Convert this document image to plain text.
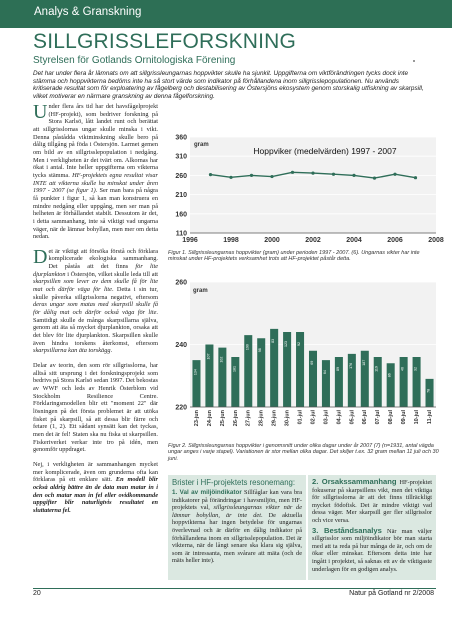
Analys & Granskning
SILLGRISSLEFORSKNING
Styrelsen för Gotlands Ornitologiska Förening
Det har under flera år lämnats om att sillgrissleungarnas hoppvikter skulle ha sjunkit. Uppgifterna om viktförändringen tycks dock inte stämma och hoppvikterna bedöms inte ha så stort värde som indikator på förhållandena inom sillgrisslepopulationen. Nu används kritiserade resultat som för exploatering av fågelberg och destabilisering av Östersjöns ekosystem genom storskalig utfiskning av skarpsill, vilket motiverar en närmare granskning av denna fågelforskning.

Under flera års tid har det havsfågelprojekt (HF-projekt), som bedriver forskning på Stora Karlsö, lått landet runt och berättat att sillgrisslornas ungar skulle minska i vikt. Denna påstådda viktminskning skulle bero på dålig tillgång på föda i Östersjön. Larmet gemen om bild av en sillgrisslepopulation i nedgång. Men i verkligheten är det tvärt om. Alkornas har ökat i antal. Inte heller uppgifterna om vikterna tycks stämma. HF-projektets egna resultat visar INTE att vikterna skulle ha minskat under åren 1997 - 2007 (se figur 1). Ser man bara på några få punkter i figur 1, så kan man konstruera en mindre nedgång eller uppgång, men ser man på helheten är förhållandet stabilt. Dessutom är det, i detta sammanhang, inte så viktigt vad ungarna väger, när de lämnar bohyllan, men mer om detta nedan.

Det är viktigt att försöka förstå och förklara komplicerade ekologiska sammanhang. Det påstås att det finns för lite djurplankton i Östersjön, vilket skulle leda till att skarpsillen som lever av dem skulle få för lite mat och därför väga för lite. Detta i sin tur, skulle påverka sillgrisslorna negativt, eftersom deras ungar som matas med skarpsill skulle få för dålig mat och därför också väga för lite. Samtidigt skulle de många skarpsillarna själva, genom att äta så mycket djurplankton, orsaka att det blev för lite djurplankton. Skarpsillen skulle även hindra torskens återkomst, eftersom skarpsillarna kan äta torskägg.

Delar av teorin, den som rör sillgrisslorna, har alltså sitt ursprung i det forskningsprojekt som bedrivs på Stora Karlsö sedan 1997. Det bekostas av WWF och leds av Henrik Österblom vid Stockholm Resilience Centre. Förklaringsmodellen blir ett "moment 22" där lösningen på det första problemet är att utöka fisket på skarpsill, så att dessa blir färre och fetare (1, 2). Ett sådant synsätt kan det tyckas, men det är fel! Staten ska nu fiska ut skarpsillen. Fiskeriverket verkar inte tro på idén, men genomför uppdraget.

Nej, i verkligheten är sammanhangen mycket mer komplicerade, även om grunderna ofta kan förklaras på ett enklare sätt. En modell blir också aldrig bättre än de data man matar in i den och matar man in fel eller ovidkommande uppgifter blir naturligtvis resultatet en sluttaterna fel.

110
160
210
260
310
360
gram
Hoppviker (medelvärden) 1997 - 2007
1996	1998	2000	2002	2004	2006	2008
Figur 1. Sillgrissleungarnas hoppvikter (gram) under perioden 1997 - 2007. (6). Ungarnas vikter har inte minskat under HF-projektets verksamhet trots att HF-projektet påstår detta.
220
240
260
gram
134
23-jun
107
24-jun
102
25-jun
181
26-jun
190
27-jun
98
28-jun
83
29-jun
123
30-jun
92
01-jul
69
02-jul
64
03-jul
89
04-jul
176
05-jul
187
06-jul
119
07-jul
86
08-jul
46
09-jul
32
10-jul
78
11-jul
Figur 2. Sillgrissleungarnas hoppvikter i genomsnitt under olika dagar under år 2007 (7) (n=1931, antal vägda ungar anges i varje stapel). Variationen är stor mellan olika dagar. Det skiljer t.ex. 32 gram mellan 11 juli och 30 juni.
Brister i HF-projektets resonemang:

1. Val av miljöindikator Sillfåglar kan vara bra indikatorer på förändringar i havsmiljön, men HF-projektets val, sillgrissleungarnas vikter när de lämnar bohyllan, är inte det. De aktuella hoppvikterna har ingen betydelse för ungarnas överlevnad och är därför en dålig indikator på förhållandena inom en sillgrisslepopulation. Det är vikterna, när de långt senare ska klara sig själva, som är intressanta, men svårare att mäta (och de mäts heller inte).

2. Orsakssammanhang HF-projektet fokuserar på skarpsillens vikt, men det viktiga för sillgrisslorna är att det finns tillräckligt mycket födofisk. Det är mindre viktigt vad dessa väger. Mer skarpsill ger fler sillgrisslor och vice versa.

3. Beståndsanalys När man väljer sillgrisslor som miljöindikator bör man starta med att ta reda på hur många de är, och om de ökar eller minskar. Eftersom detta inte har ingått i projektet, så saknas ett av de viktigaste underlagen för en godigen analys.

20	Natur på Gotland nr 2/2008
